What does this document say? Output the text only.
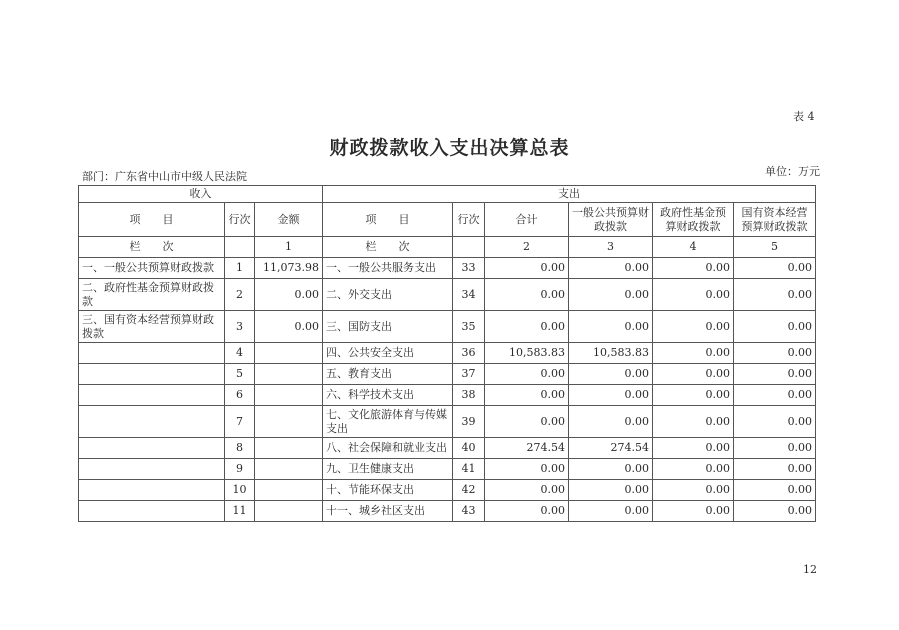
表 4
财政拨款收入支出决算总表
部门：广东省中山市中级人民法院	单位：万元
收入			支出					
项　　目	行次	金额	项　　目	行次	合计	一般公共预算财政拨款	政府性基金预算财政拨款	国有资本经营预算财政拨款
栏　　次		1	栏　　次		2	3	4	5
一、一般公共预算财政拨款	1	11,073.98	一、一般公共服务支出	33	0.00	0.00	0.00	0.00
二、政府性基金预算财政拨款	2	0.00	二、外交支出	34	0.00	0.00	0.00	0.00
三、国有资本经营预算财政拨款	3	0.00	三、国防支出	35	0.00	0.00	0.00	0.00
	4		四、公共安全支出	36	10,583.83	10,583.83	0.00	0.00
	5		五、教育支出	37	0.00	0.00	0.00	0.00
	6		六、科学技术支出	38	0.00	0.00	0.00	0.00
	7		七、文化旅游体育与传媒支出	39	0.00	0.00	0.00	0.00
	8		八、社会保障和就业支出	40	274.54	274.54	0.00	0.00
	9		九、卫生健康支出	41	0.00	0.00	0.00	0.00
	10		十、节能环保支出	42	0.00	0.00	0.00	0.00
	11		十一、城乡社区支出	43	0.00	0.00	0.00	0.00
12
